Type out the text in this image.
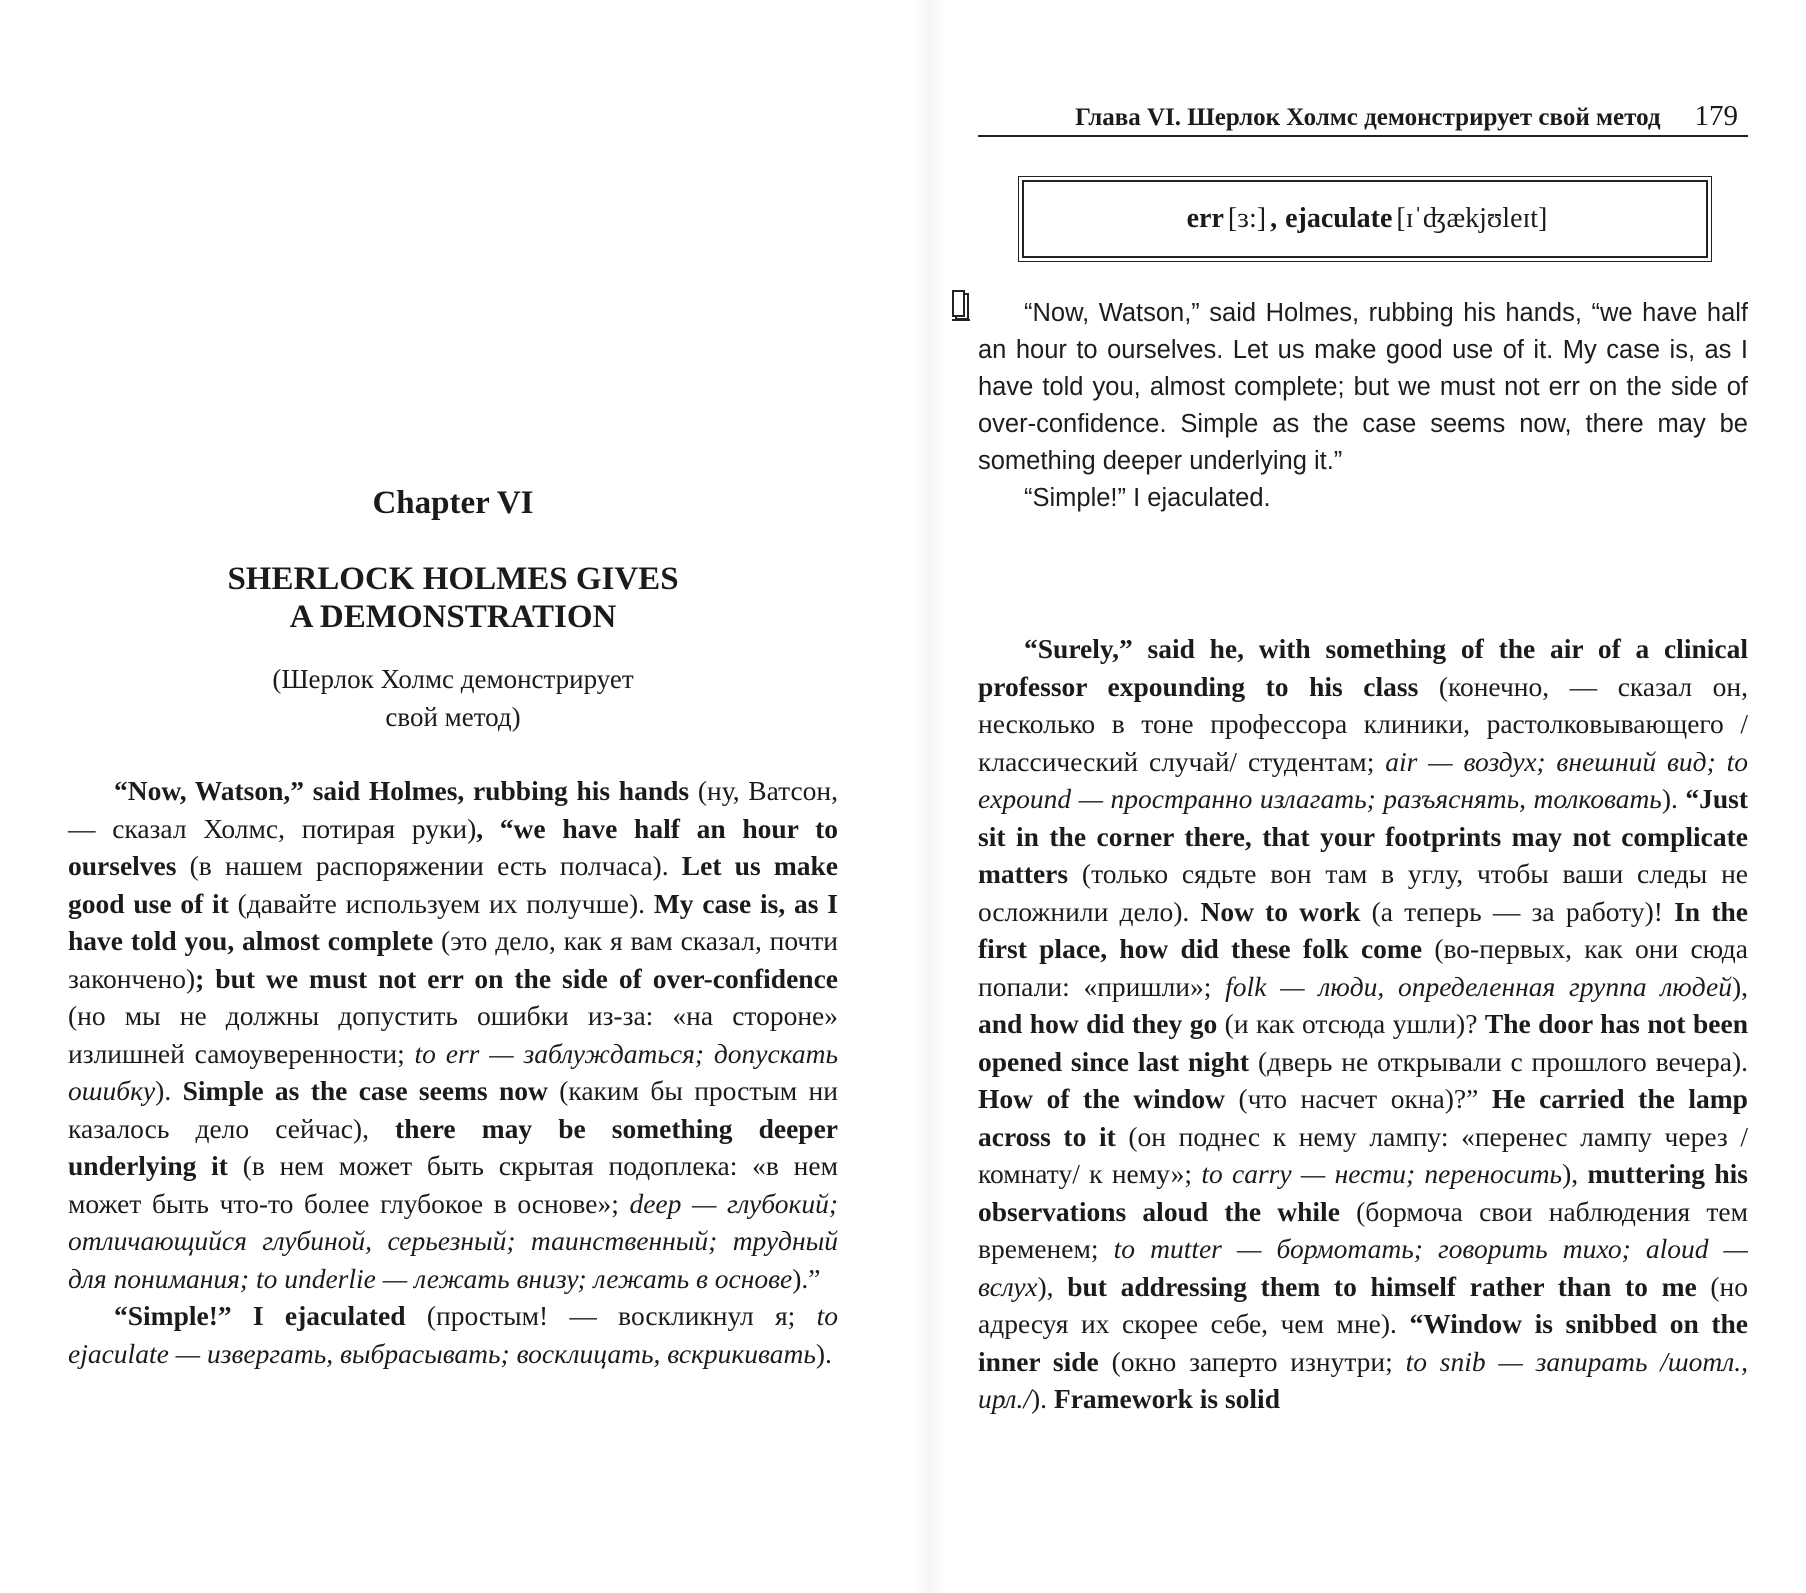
Chapter VI
SHERLOCK HOLMES GIVES
A DEMONSTRATION
(Шерлок Холмс демонстрирует
свой метод)

“Now, Watson,” said Holmes, rubbing his hands (ну, Ватсон, — сказал Холмс, потирая руки), “we have half an hour to ourselves (в нашем распоряжении есть полчаса). Let us make good use of it (давайте используем их получше). My case is, as I have told you, almost complete (это дело, как я вам сказал, почти закончено); but we must not err on the side of over-confidence (но мы не должны допустить ошибки из-за: «на стороне» излишней самоуверенности; to err — заблуждаться; допускать ошибку). Simple as the case seems now (каким бы простым ни казалось дело сейчас), there may be something deeper underlying it (в нем может быть скрытая подоплека: «в нем может быть что-то более глубокое в основе»; deep — глубокий; отличающийся глубиной, серьезный; таинственный; трудный для понимания; to underlie — лежать внизу; лежать в основе).”

“Simple!” I ejaculated (простым! — воскликнул я; to ejaculate — извергать, выбрасывать; восклицать, вскрикивать).

Глава VI. Шерлок Холмс демонстрирует свой метод 179
err [ɜ:] , ejaculate [ɪˈʤækjʊleɪt]

“Now, Watson,” said Holmes, rubbing his hands, “we have half an hour to ourselves. Let us make good use of it. My case is, as I have told you, almost complete; but we must not err on the side of over-confidence. Simple as the case seems now, there may be something deeper underlying it.”

“Simple!” I ejaculated.

“Surely,” said he, with something of the air of a clinical professor expounding to his class (конечно, — сказал он, несколько в тоне профессора клиники, растолковывающего /классический случай/ студентам; air — воздух; внешний вид; to expound — пространно излагать; разъяснять, толковать). “Just sit in the corner there, that your footprints may not complicate matters (только сядьте вон там в углу, чтобы ваши следы не осложнили дело). Now to work (а теперь — за работу)! In the first place, how did these folk come (во-первых, как они сюда попали: «пришли»; folk — люди, определенная группа людей), and how did they go (и как отсюда ушли)? The door has not been opened since last night (дверь не открывали с прошлого вечера). How of the window (что насчет окна)?” He carried the lamp across to it (он поднес к нему лампу: «перенес лампу через /комнату/ к нему»; to carry — нести; переносить), muttering his observations aloud the while (бормоча свои наблюдения тем временем; to mutter — бормотать; говорить тихо; aloud — вслух), but addressing them to himself rather than to me (но адресуя их скорее себе, чем мне). “Window is snibbed on the inner side (окно заперто изнутри; to snib — запирать /шотл., ирл./). Framework is solid
